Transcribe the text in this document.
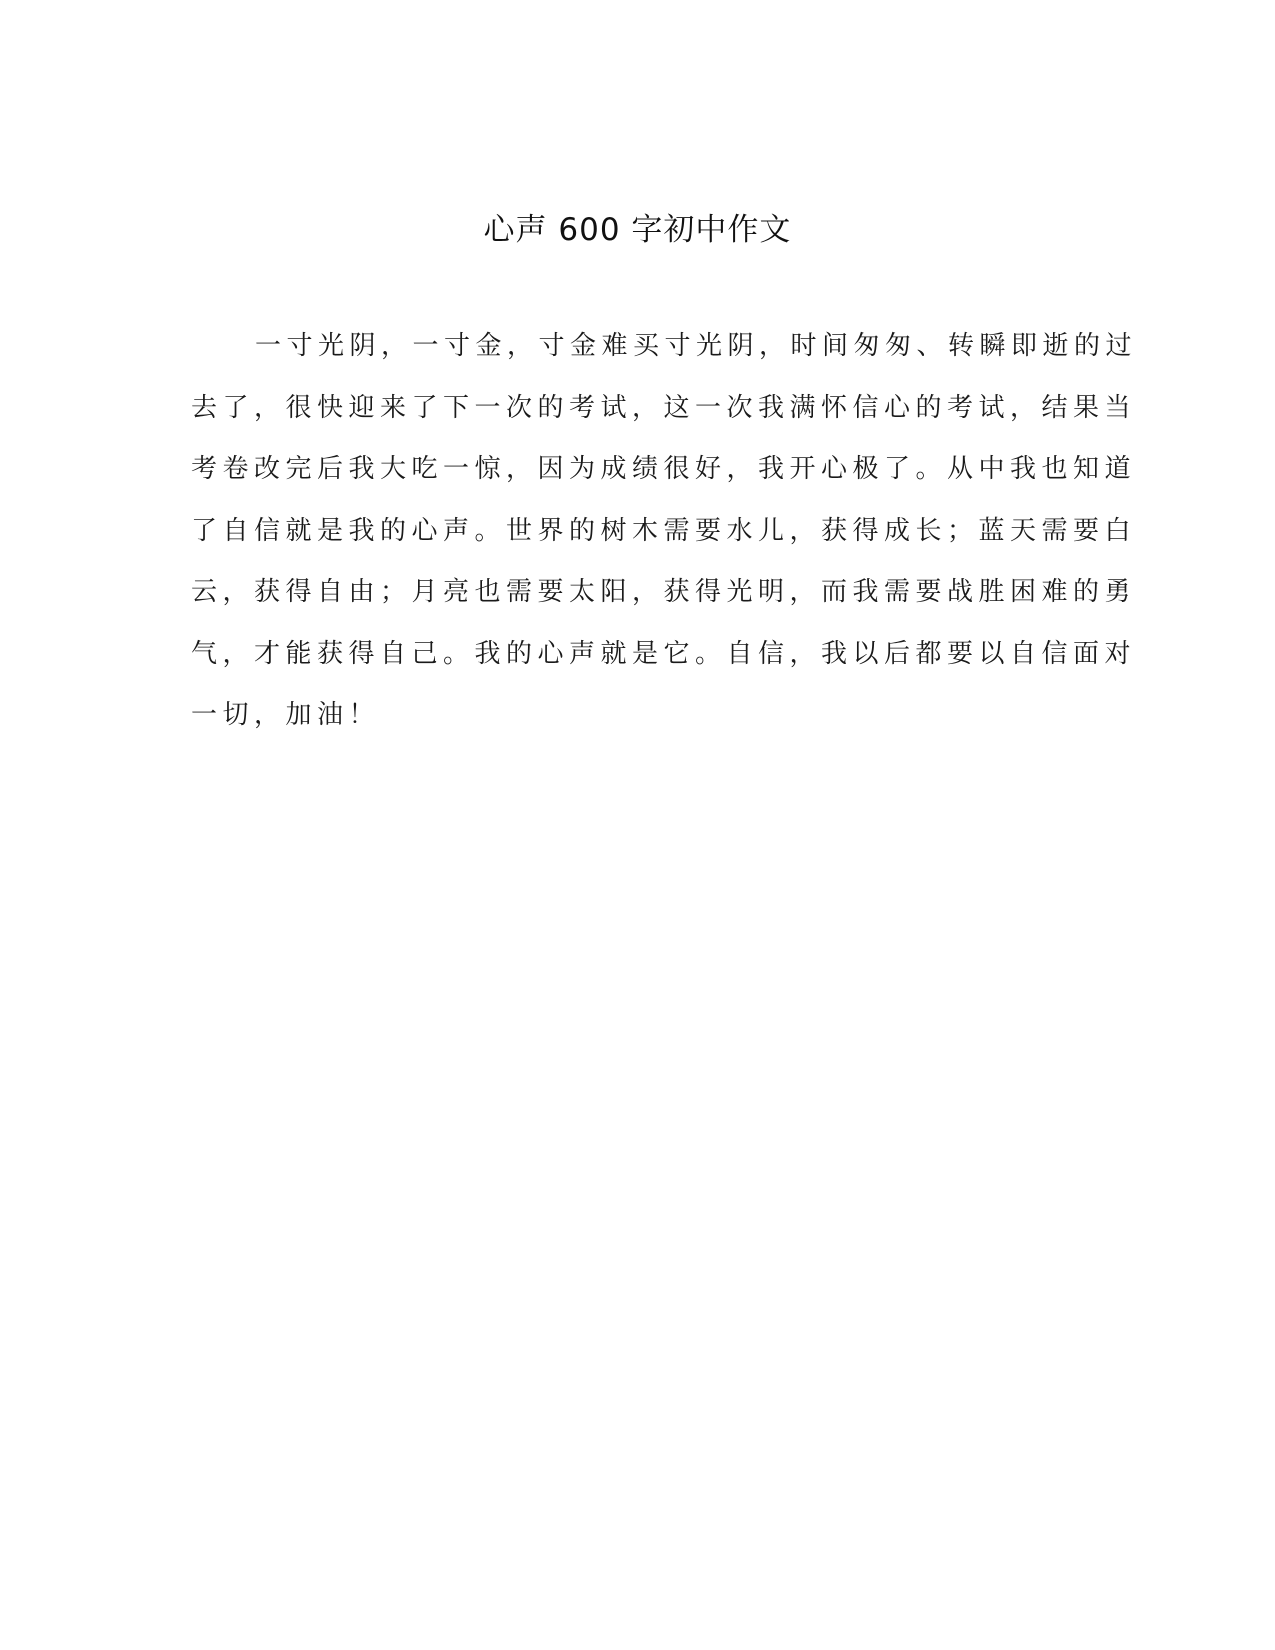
心声 600 字初中作文
一寸光阴，一寸金，寸金难买寸光阴，时间匆匆、转瞬即逝的过
去了，很快迎来了下一次的考试，这一次我满怀信心的考试，结果当
考卷改完后我大吃一惊，因为成绩很好，我开心极了。从中我也知道
了自信就是我的心声。世界的树木需要水儿，获得成长；蓝天需要白
云，获得自由；月亮也需要太阳，获得光明，而我需要战胜困难的勇
气，才能获得自己。我的心声就是它。自信，我以后都要以自信面对
一切，加油！
